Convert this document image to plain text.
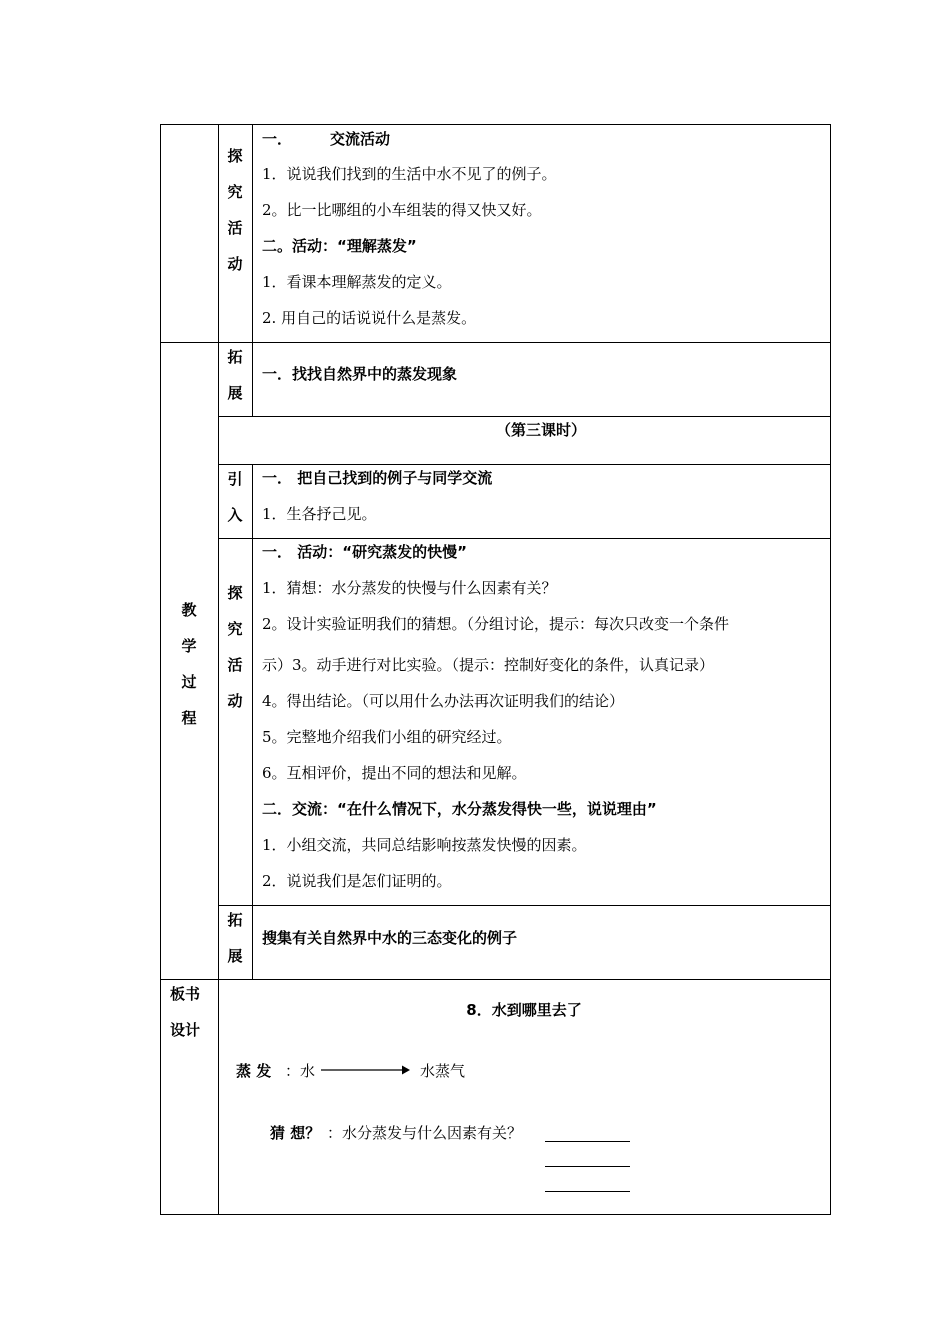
探
究
活
动
一．	交流活动
1．说说我们找到的生活中水不见了的例子。
2。比一比哪组的小车组装的得又快又好。
二。活动：“理解蒸发”
1．看课本理解蒸发的定义。
2. 用自己的话说说什么是蒸发。
拓
展
一．找找自然界中的蒸发现象
（第三课时）
引
入
一． 把自己找到的例子与同学交流
1．生各抒己见。
教
学
过
程
探
究
活
动
一． 活动：“研究蒸发的快慢”
1．猜想：水分蒸发的快慢与什么因素有关？
2。设计实验证明我们的猜想。（分组讨论，提示：每次只改变一个条件
示）3。动手进行对比实验。（提示：控制好变化的条件，认真记录）
4。得出结论。（可以用什么办法再次证明我们的结论）
5。完整地介绍我们小组的研究经过。
6。互相评价，提出不同的想法和见解。
二．交流：“在什么情况下，水分蒸发得快一些，说说理由”
1．小组交流，共同总结影响按蒸发快慢的因素。
2．说说我们是怎们证明的。
拓
展
搜集有关自然界中水的三态变化的例子
板书
设计
8．水到哪里去了
蒸 发 ：水	水蒸气
猜 想？ ：水分蒸发与什么因素有关？
